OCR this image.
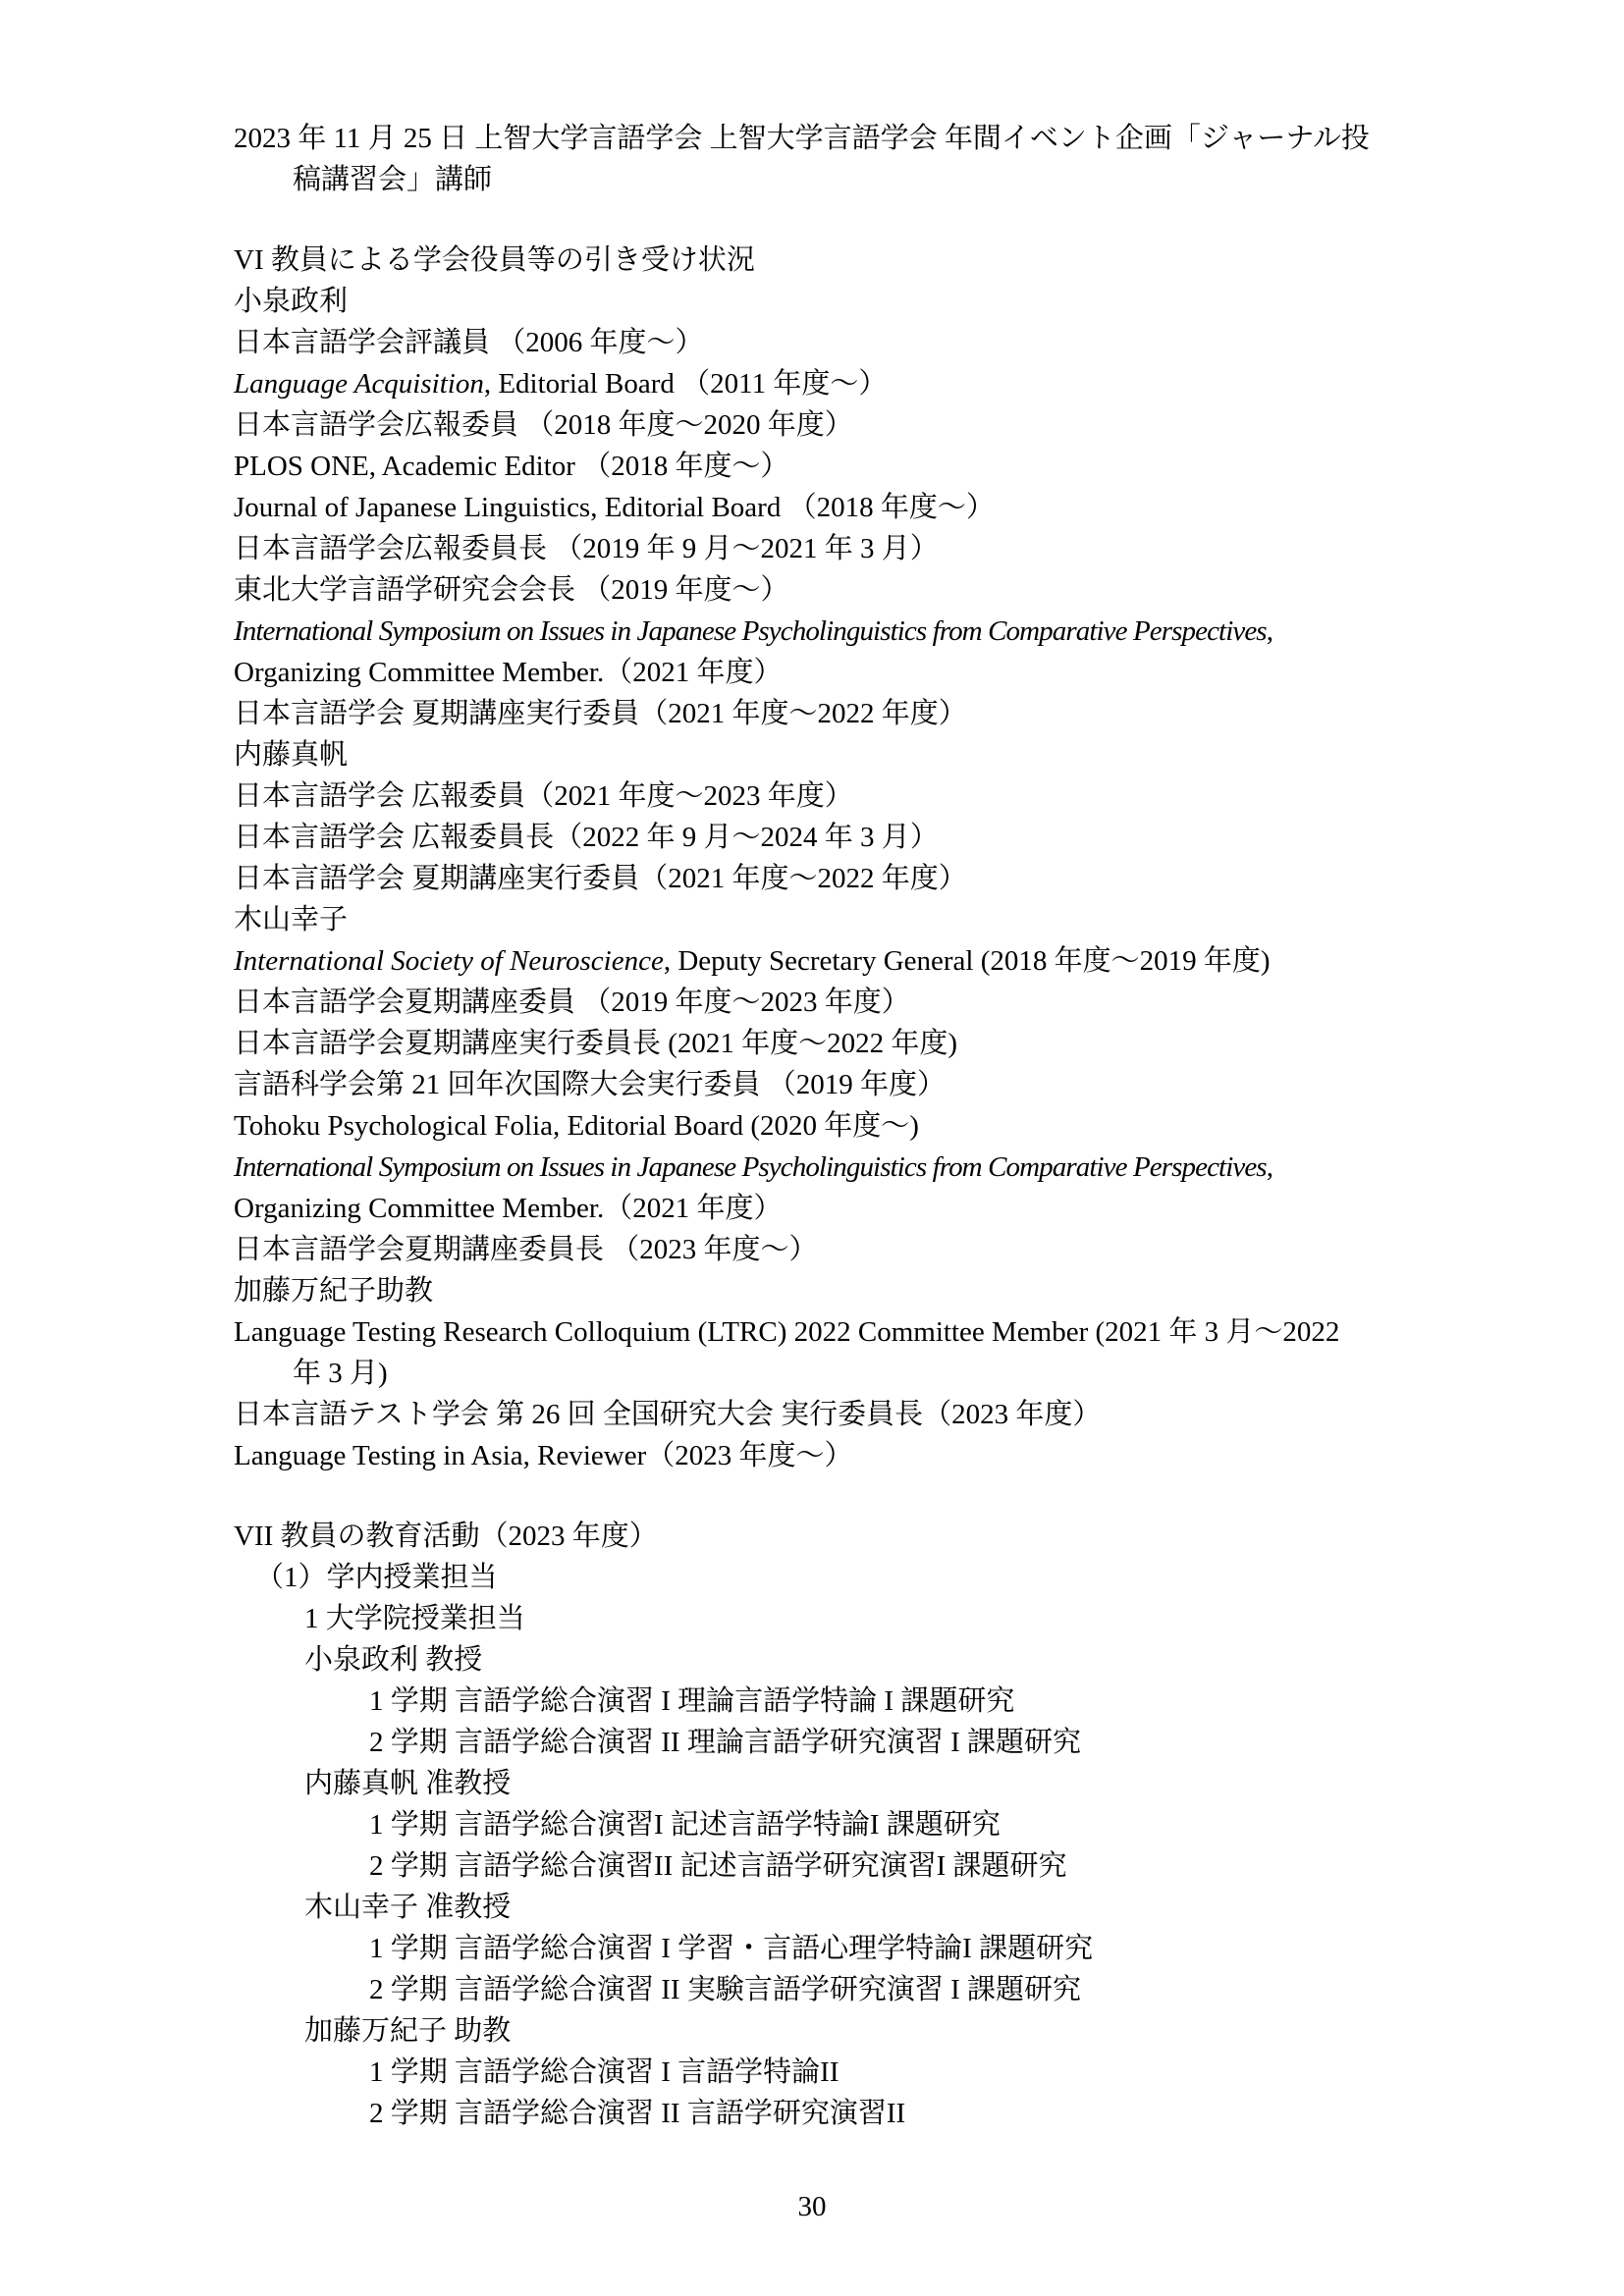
2023 年 11 月 25 日 上智大学言語学会 上智大学言語学会 年間イベント企画「ジャーナル投
稿講習会」講師
VI 教員による学会役員等の引き受け状況
小泉政利
日本言語学会評議員 （2006 年度～）
Language Acquisition, Editorial Board （2011 年度～）
日本言語学会広報委員 （2018 年度～2020 年度）
PLOS ONE, Academic Editor （2018 年度～）
Journal of Japanese Linguistics, Editorial Board （2018 年度～）
日本言語学会広報委員長 （2019 年 9 月～2021 年 3 月）
東北大学言語学研究会会長 （2019 年度～）
International Symposium on Issues in Japanese Psycholinguistics from Comparative Perspectives,
Organizing Committee Member.（2021 年度）
日本言語学会 夏期講座実行委員（2021 年度～2022 年度）
内藤真帆
日本言語学会 広報委員（2021 年度～2023 年度）
日本言語学会 広報委員長（2022 年 9 月～2024 年 3 月）
日本言語学会 夏期講座実行委員（2021 年度～2022 年度）
木山幸子
International Society of Neuroscience, Deputy Secretary General (2018 年度～2019 年度)
日本言語学会夏期講座委員 （2019 年度～2023 年度）
日本言語学会夏期講座実行委員長 (2021 年度～2022 年度)
言語科学会第 21 回年次国際大会実行委員 （2019 年度）
Tohoku Psychological Folia, Editorial Board (2020 年度～)
International Symposium on Issues in Japanese Psycholinguistics from Comparative Perspectives,
Organizing Committee Member.（2021 年度）
日本言語学会夏期講座委員長 （2023 年度～）
加藤万紀子助教
Language Testing Research Colloquium (LTRC) 2022 Committee Member (2021 年 3 月～2022
年 3 月)
日本言語テスト学会 第 26 回 全国研究大会 実行委員長（2023 年度）
Language Testing in Asia, Reviewer（2023 年度～）
VII 教員の教育活動（2023 年度）
（1）学内授業担当
1 大学院授業担当
小泉政利 教授
1 学期 言語学総合演習 I 理論言語学特論 I 課題研究
2 学期 言語学総合演習 II 理論言語学研究演習 I 課題研究
内藤真帆 准教授
1 学期 言語学総合演習I 記述言語学特論I 課題研究
2 学期 言語学総合演習II 記述言語学研究演習I 課題研究
木山幸子 准教授
1 学期 言語学総合演習 I 学習・言語心理学特論I 課題研究
2 学期 言語学総合演習 II 実験言語学研究演習 I 課題研究
加藤万紀子 助教
1 学期 言語学総合演習 I 言語学特論II
2 学期 言語学総合演習 II 言語学研究演習II
30
